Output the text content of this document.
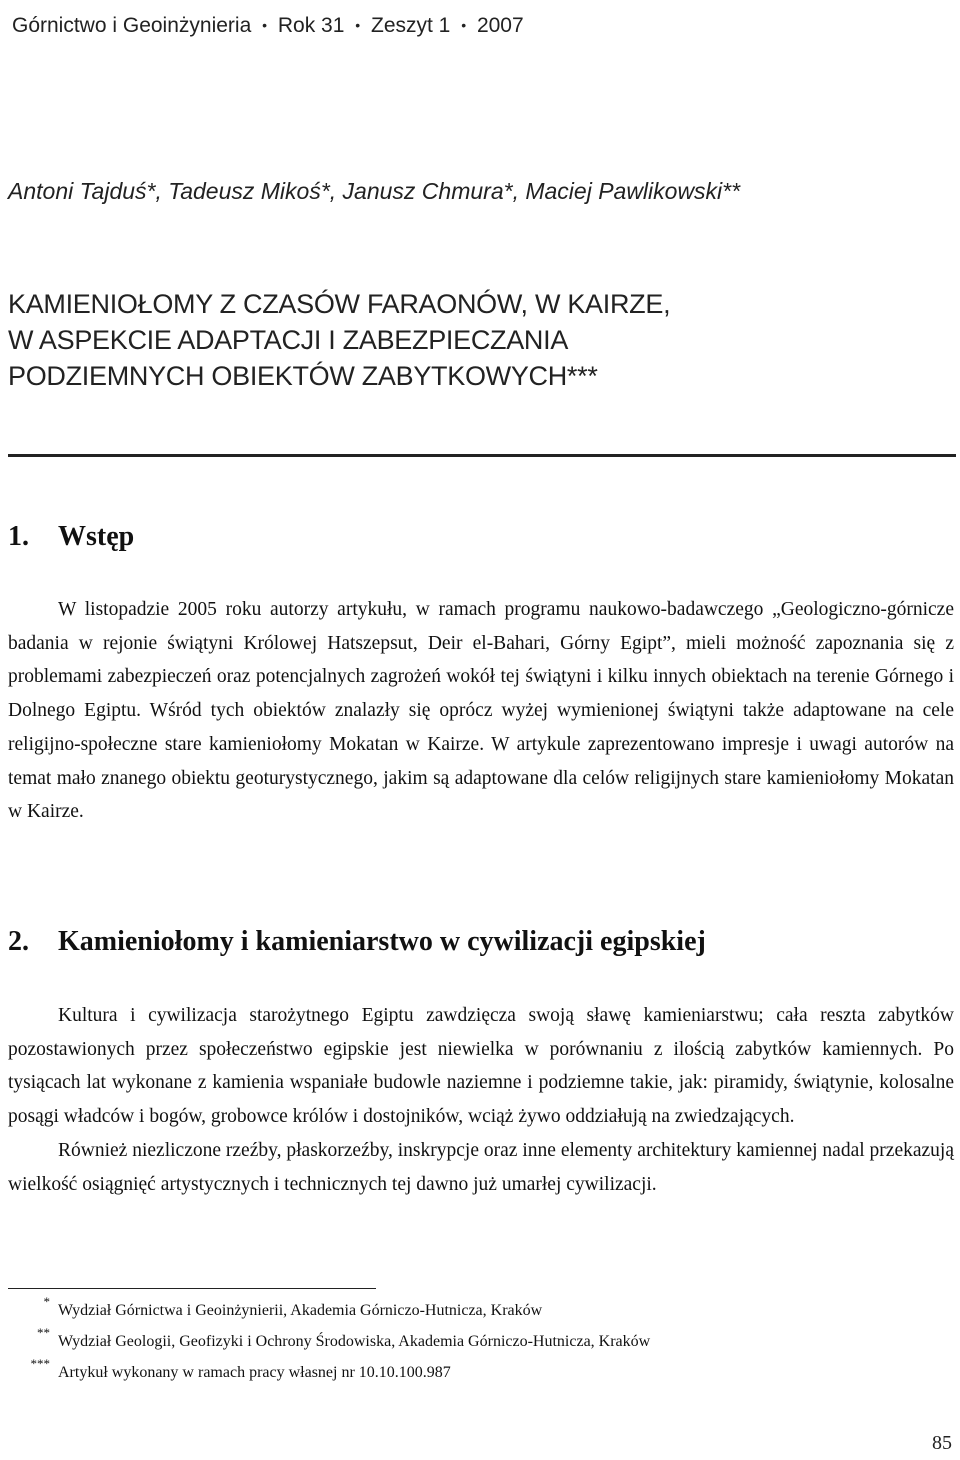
Górnictwo i Geoinżynieria • Rok 31 • Zeszyt 1 • 2007
Antoni Tajduś*, Tadeusz Mikoś*, Janusz Chmura*, Maciej Pawlikowski**
KAMIENIOŁOMY Z CZASÓW FARAONÓW, W KAIRZE,
W ASPEKCIE ADAPTACJI I ZABEZPIECZANIA
PODZIEMNYCH OBIEKTÓW ZABYTKOWYCH***
1. Wstęp

W listopadzie 2005 roku autorzy artykułu, w ramach programu naukowo-badawczego „Geologiczno-górnicze badania w rejonie świątyni Królowej Hatszepsut, Deir el-Bahari, Górny Egipt”, mieli możność zapoznania się z problemami zabezpieczeń oraz potencjalnych zagrożeń wokół tej świątyni i kilku innych obiektach na terenie Górnego i Dolnego Egiptu. Wśród tych obiektów znalazły się oprócz wyżej wymienionej świątyni także adaptowane na cele religijno-społeczne stare kamieniołomy Mokatan w Kairze. W artykule zaprezentowano impresje i uwagi autorów na temat mało znanego obiektu geoturystycznego, jakim są adaptowane dla celów religijnych stare kamieniołomy Mokatan w Kairze.

2. Kamieniołomy i kamieniarstwo w cywilizacji egipskiej

Kultura i cywilizacja starożytnego Egiptu zawdzięcza swoją sławę kamieniarstwu; cała reszta zabytków pozostawionych przez społeczeństwo egipskie jest niewielka w porównaniu z ilością zabytków kamiennych. Po tysiącach lat wykonane z kamienia wspaniałe budowle naziemne i podziemne takie, jak: piramidy, świątynie, kolosalne posągi władców i bogów, grobowce królów i dostojników, wciąż żywo oddziałują na zwiedzających.

Również niezliczone rzeźby, płaskorzeźby, inskrypcje oraz inne elementy architektury kamiennej nadal przekazują wielkość osiągnięć artystycznych i technicznych tej dawno już umarłej cywilizacji.

*
Wydział Górnictwa i Geoinżynierii, Akademia Górniczo-Hutnicza, Kraków
**
Wydział Geologii, Geofizyki i Ochrony Środowiska, Akademia Górniczo-Hutnicza, Kraków
***
Artykuł wykonany w ramach pracy własnej nr 10.10.100.987
85
